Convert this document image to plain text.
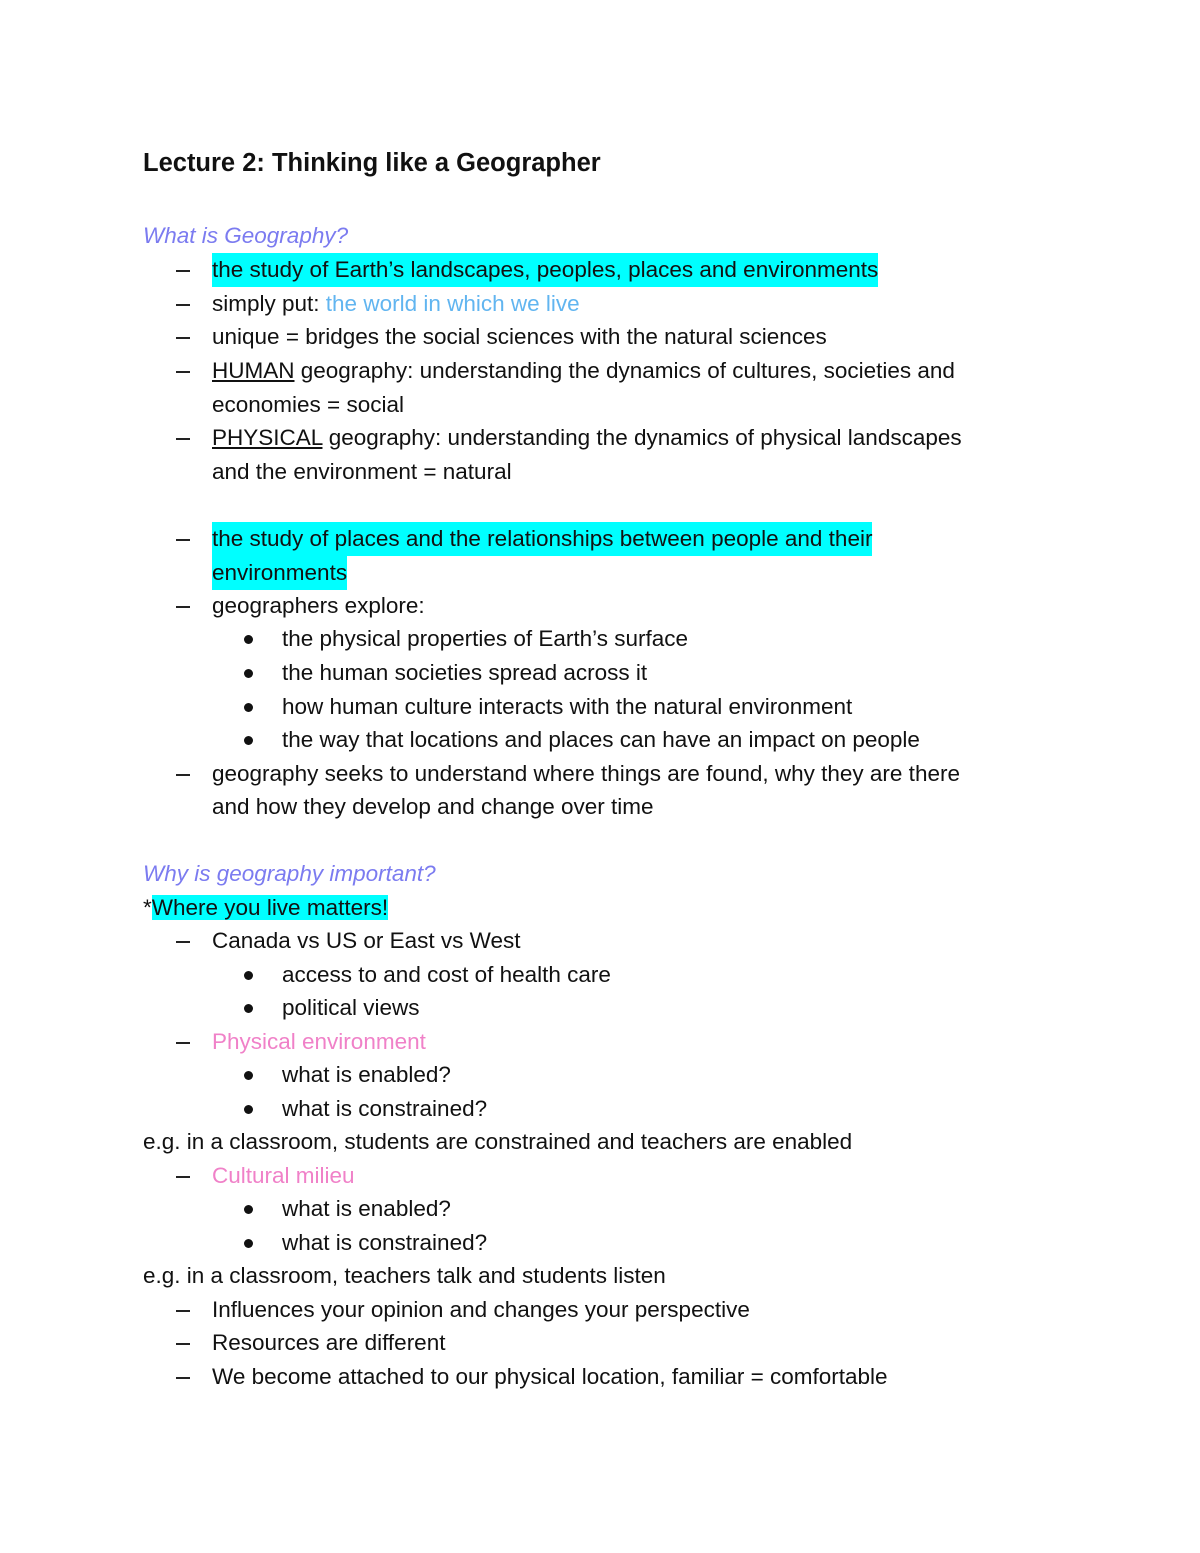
Lecture 2: Thinking like a Geographer
What is Geography?
the study of Earth’s landscapes, peoples, places and environments
simply put: the world in which we live
unique = bridges the social sciences with the natural sciences
HUMAN geography: understanding the dynamics of cultures, societies and
economies = social
PHYSICAL geography: understanding the dynamics of physical landscapes
and the environment = natural
the study of places and the relationships between people and their
environments
geographers explore:
the physical properties of Earth’s surface
the human societies spread across it
how human culture interacts with the natural environment
the way that locations and places can have an impact on people
geography seeks to understand where things are found, why they are there
and how they develop and change over time
Why is geography important?
*Where you live matters!
Canada vs US or East vs West
access to and cost of health care
political views
Physical environment
what is enabled?
what is constrained?
e.g. in a classroom, students are constrained and teachers are enabled
Cultural milieu
what is enabled?
what is constrained?
e.g. in a classroom, teachers talk and students listen
Influences your opinion and changes your perspective
Resources are different
We become attached to our physical location, familiar = comfortable
